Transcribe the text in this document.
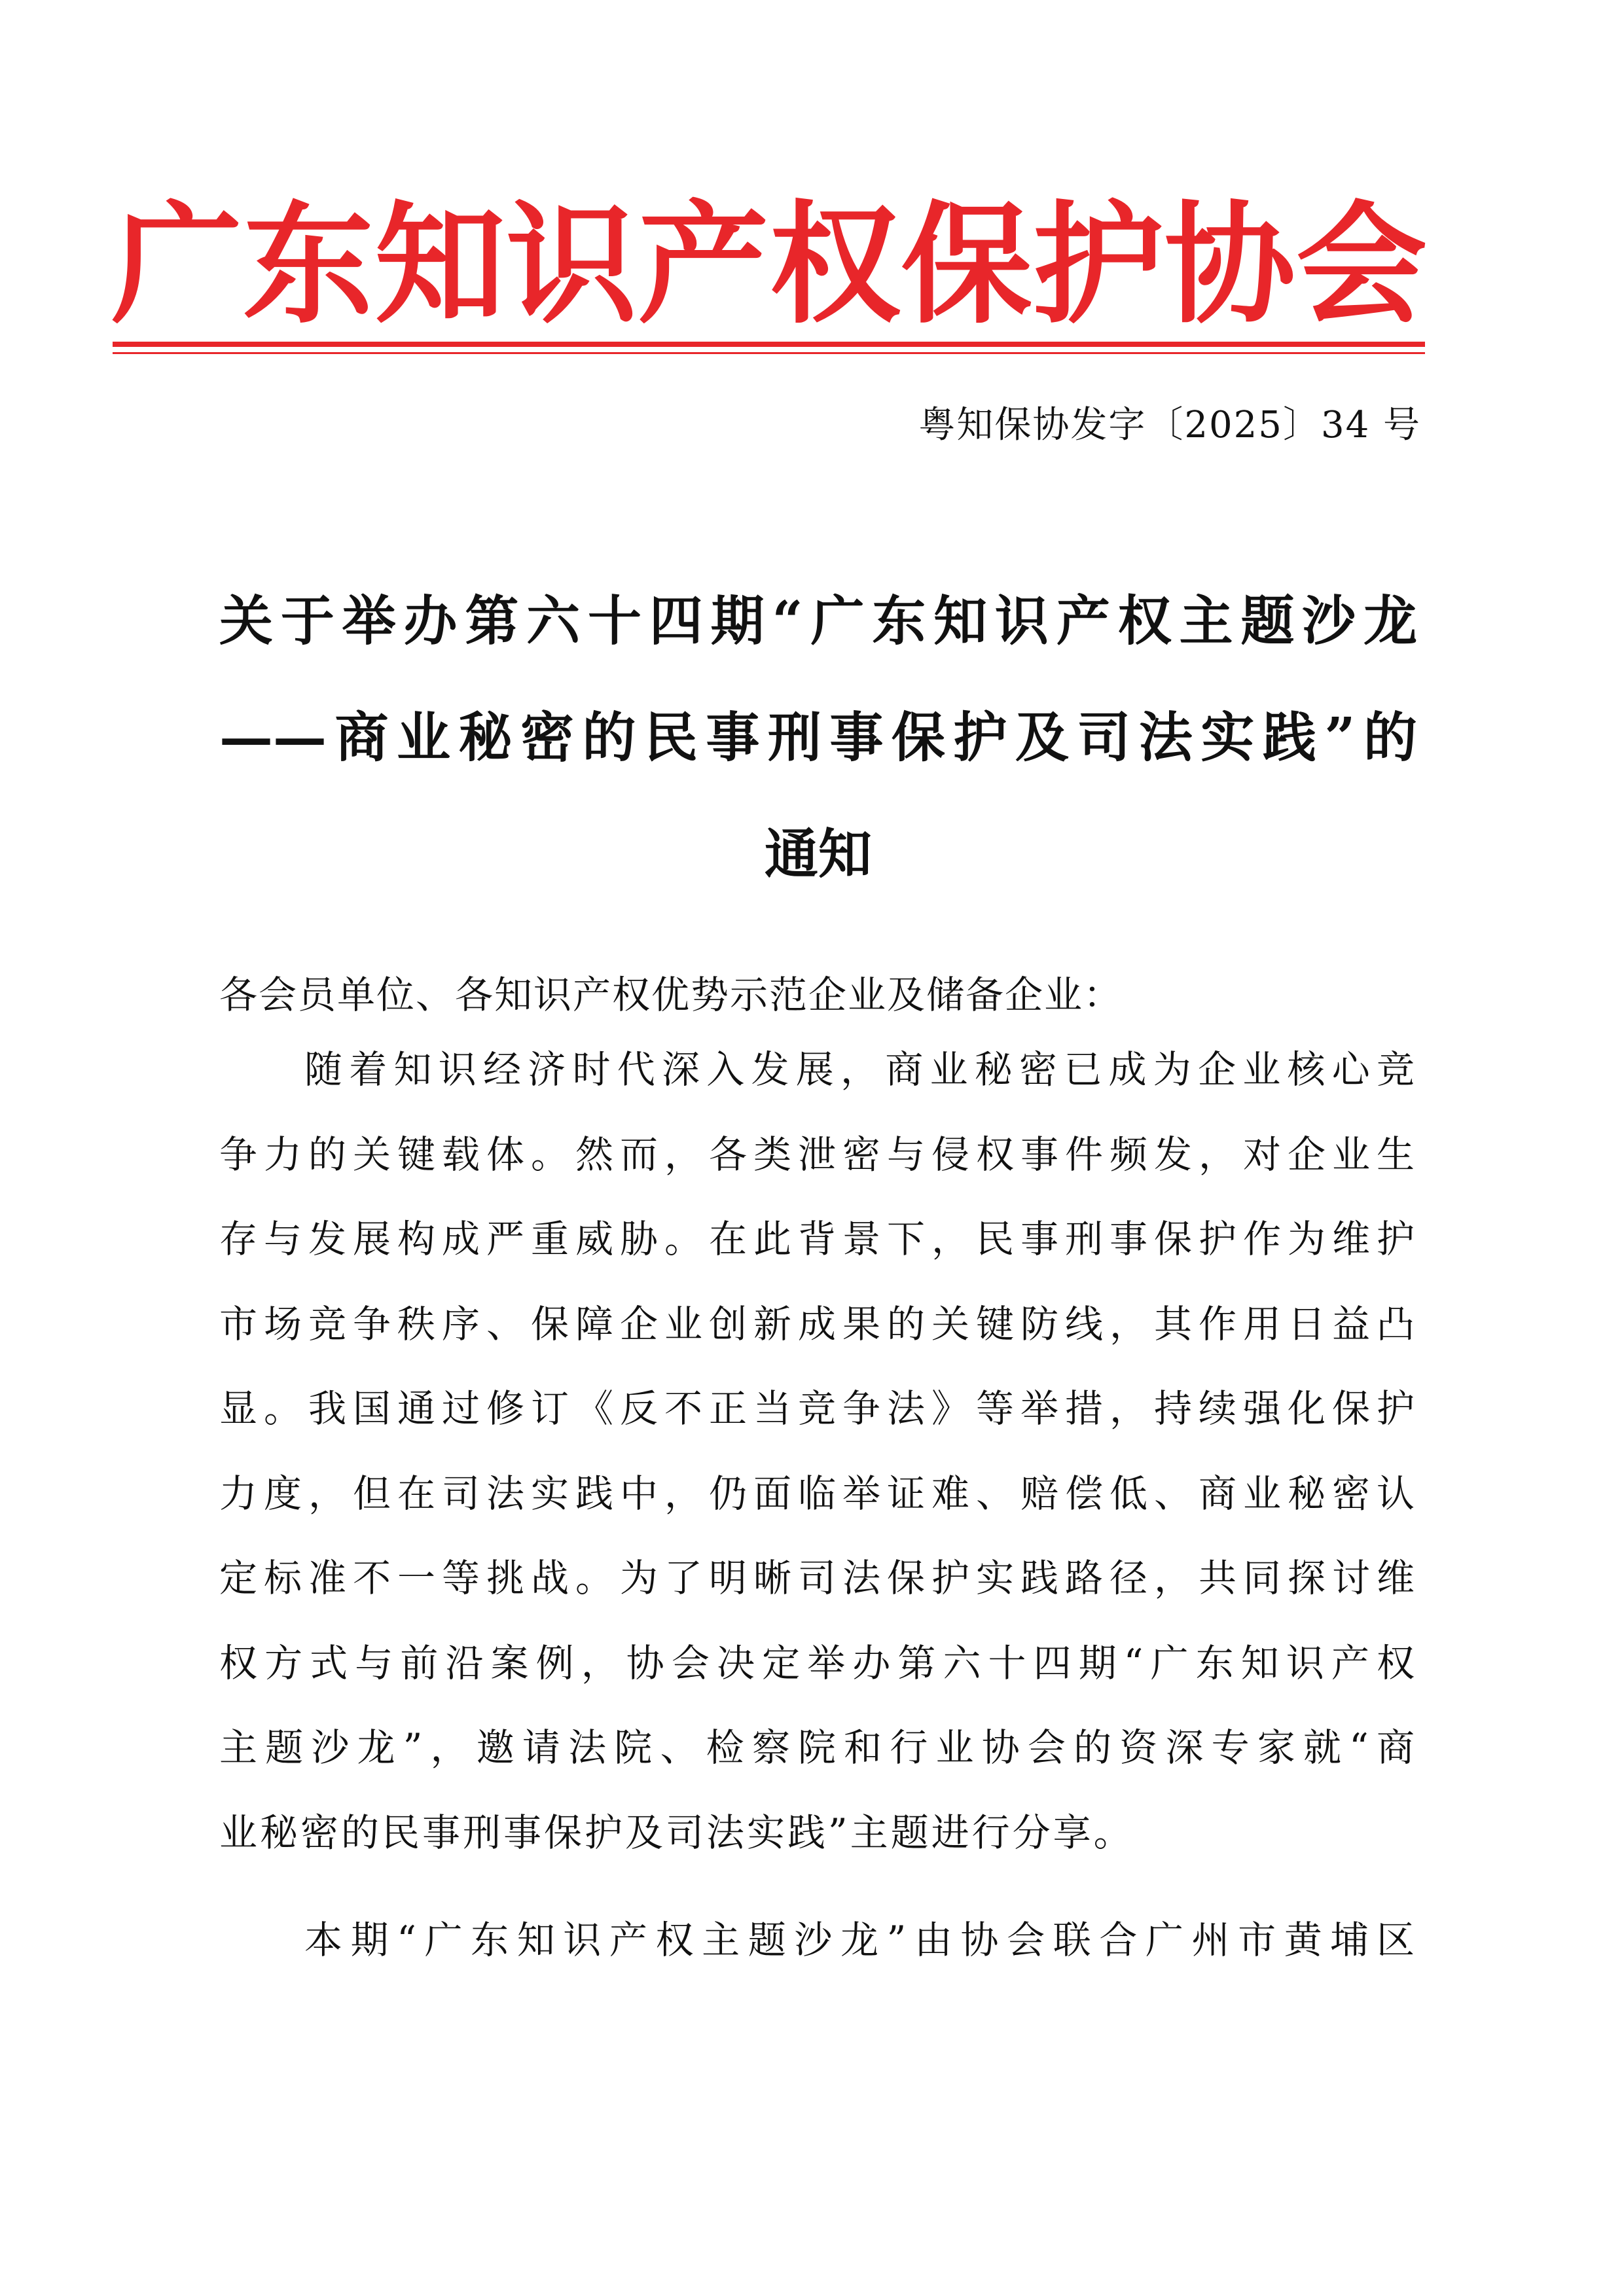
广 东 知 识 产 权 保 护 协 会
粤知保协发字〔2025〕34 号
关于举办第六十四期“广东知识产权主题沙龙
——商业秘密的民事刑事保护及司法实践”的
通知
各会员单位、各知识产权优势示范企业及储备企业：
随着知识经济时代深入发展，商业秘密已成为企业核心竞
争力的关键载体。然而，各类泄密与侵权事件频发，对企业生
存与发展构成严重威胁。在此背景下，民事刑事保护作为维护
市场竞争秩序、保障企业创新成果的关键防线，其作用日益凸
显。我国通过修订《反不正当竞争法》等举措，持续强化保护
力度，但在司法实践中，仍面临举证难、赔偿低、商业秘密认
定标准不一等挑战。为了明晰司法保护实践路径，共同探讨维
权方式与前沿案例，协会决定举办第六十四期“广东知识产权
主题沙龙”，邀请法院、检察院和行业协会的资深专家就“商
业秘密的民事刑事保护及司法实践”主题进行分享。
本期“广东知识产权主题沙龙”由协会联合广州市黄埔区
